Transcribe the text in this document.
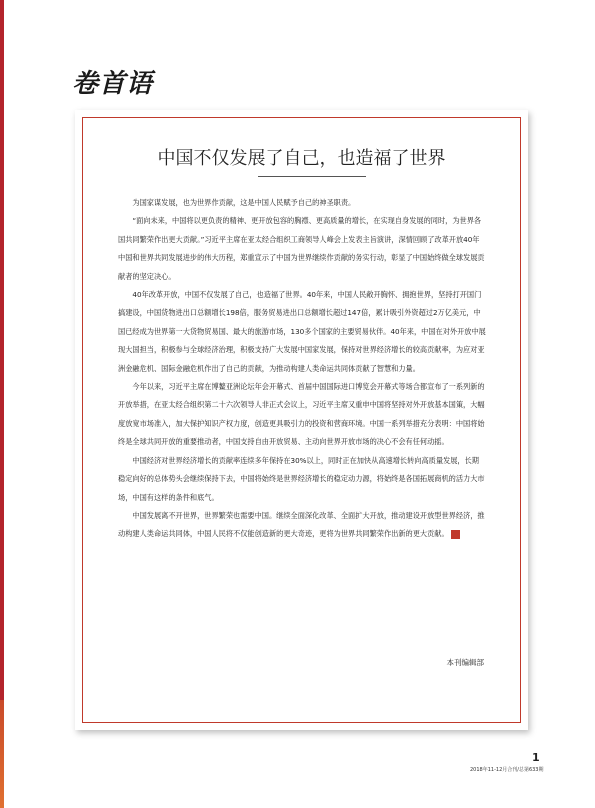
卷首语
中国不仅发展了自己，也造福了世界

为国家谋发展，也为世界作贡献，这是中国人民赋予自己的神圣职责。

“面向未来，中国将以更负责的精神、更开放包容的胸襟、更高质量的增长，在实现自身发展的同时，为世界各国共同繁荣作出更大贡献。”习近平主席在亚太经合组织工商领导人峰会上发表主旨演讲，深情回顾了改革开放40年中国和世界共同发展进步的伟大历程，郑重宣示了中国为世界继续作贡献的务实行动，彰显了中国始终做全球发展贡献者的坚定决心。

40年改革开放，中国不仅发展了自己，也造福了世界。40年来，中国人民敞开胸怀、拥抱世界，坚持打开国门搞建设，中国货物进出口总额增长198倍，服务贸易进出口总额增长超过147倍，累计吸引外资超过2万亿美元，中国已经成为世界第一大货物贸易国、最大的旅游市场，130多个国家的主要贸易伙伴。40年来，中国在对外开放中展现大国担当，积极参与全球经济治理，积极支持广大发展中国家发展，保持对世界经济增长的较高贡献率，为应对亚洲金融危机、国际金融危机作出了自己的贡献，为推动构建人类命运共同体贡献了智慧和力量。

今年以来，习近平主席在博鳌亚洲论坛年会开幕式、首届中国国际进口博览会开幕式等场合都宣布了一系列新的开放举措，在亚太经合组织第二十六次领导人非正式会议上，习近平主席又重申中国将坚持对外开放基本国策，大幅度放宽市场准入，加大保护知识产权力度，创造更具吸引力的投资和营商环境。中国一系列举措充分表明：中国将始终是全球共同开放的重要推动者，中国支持自由开放贸易、主动向世界开放市场的决心不会有任何动摇。

中国经济对世界经济增长的贡献率连续多年保持在30%以上，同时正在加快从高速增长转向高质量发展，长期稳定向好的总体势头会继续保持下去，中国将始终是世界经济增长的稳定动力源，将始终是各国拓展商机的活力大市场，中国有这样的条件和底气。

中国发展离不开世界，世界繁荣也需要中国。继续全面深化改革、全面扩大开放，推动建设开放型世界经济，推动构建人类命运共同体，中国人民将不仅能创造新的更大奇迹，更将为世界共同繁荣作出新的更大贡献。	M

本刊编辑部
1
2018年11-12月合刊/总第633期
